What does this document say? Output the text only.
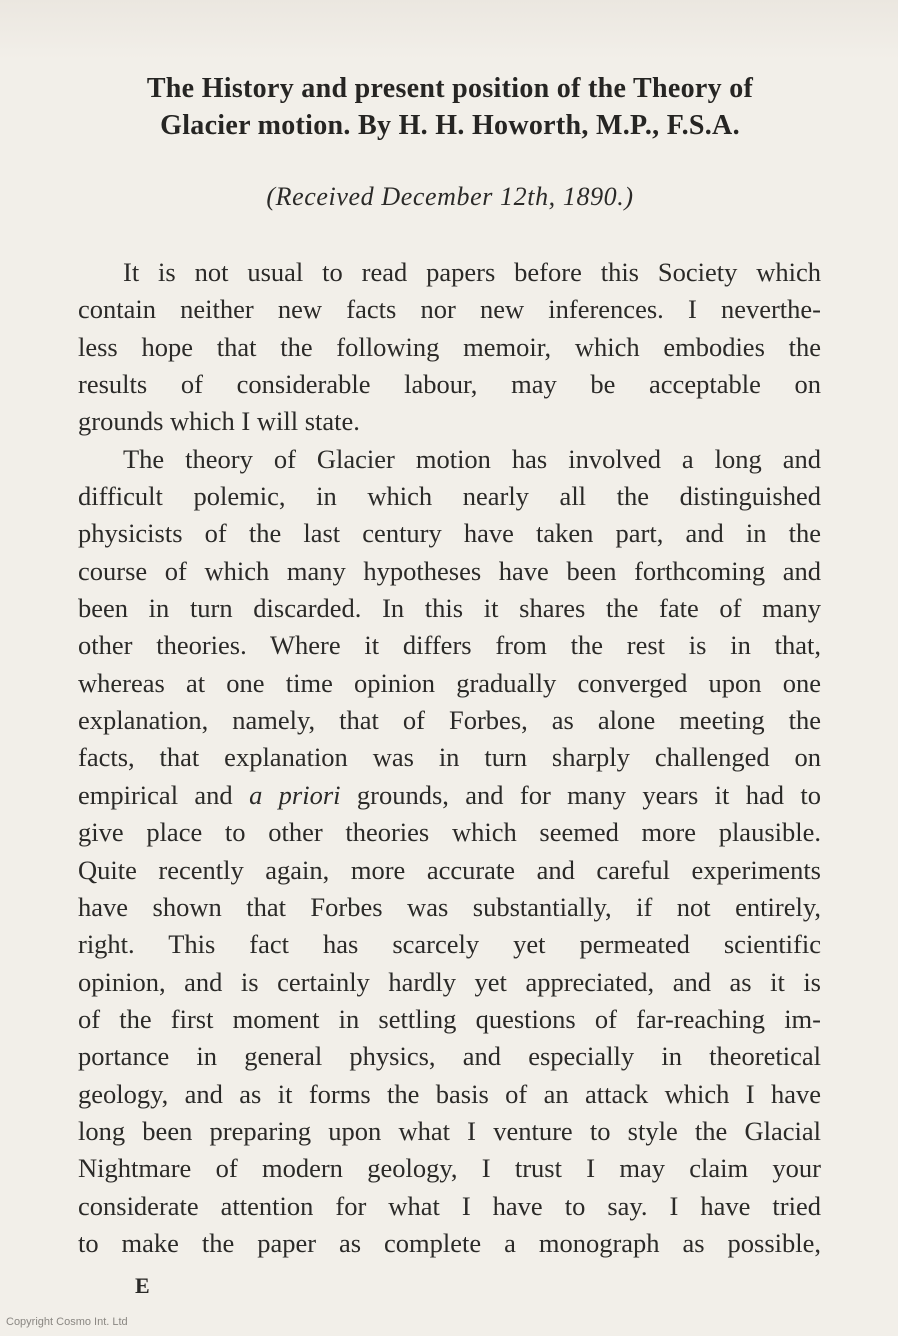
The History and present position of the Theory of
Glacier motion. By H. H. Howorth, M.P., F.S.A.
(Received December 12th, 1890.)
It is not usual to read papers before this Society which
contain neither new facts nor new inferences. I neverthe-
less hope that the following memoir, which embodies the
results of considerable labour, may be acceptable on
grounds which I will state.
The theory of Glacier motion has involved a long and
difficult polemic, in which nearly all the distinguished
physicists of the last century have taken part, and in the
course of which many hypotheses have been forthcoming and
been in turn discarded. In this it shares the fate of many
other theories. Where it differs from the rest is in that,
whereas at one time opinion gradually converged upon one
explanation, namely, that of Forbes, as alone meeting the
facts, that explanation was in turn sharply challenged on
empirical and a priori grounds, and for many years it had to
give place to other theories which seemed more plausible.
Quite recently again, more accurate and careful experiments
have shown that Forbes was substantially, if not entirely,
right. This fact has scarcely yet permeated scientific
opinion, and is certainly hardly yet appreciated, and as it is
of the first moment in settling questions of far-reaching im-
portance in general physics, and especially in theoretical
geology, and as it forms the basis of an attack which I have
long been preparing upon what I venture to style the Glacial
Nightmare of modern geology, I trust I may claim your
considerate attention for what I have to say. I have tried
to make the paper as complete a monograph as possible,
E
Copyright Cosmo Int. Ltd
